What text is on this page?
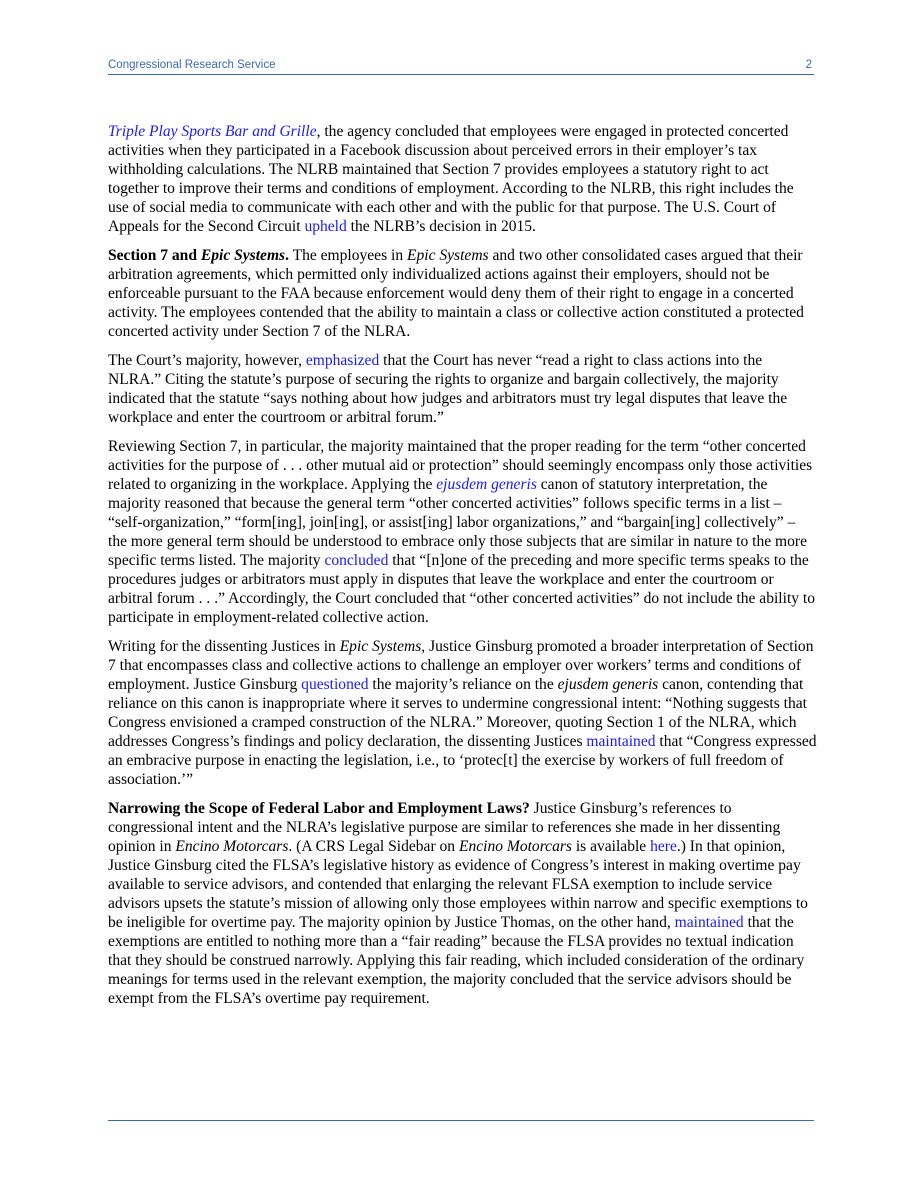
Congressional Research Service	2

Triple Play Sports Bar and Grille, the agency concluded that employees were engaged in protected concerted activities when they participated in a Facebook discussion about perceived errors in their employer’s tax withholding calculations. The NLRB maintained that Section 7 provides employees a statutory right to act together to improve their terms and conditions of employment. According to the NLRB, this right includes the use of social media to communicate with each other and with the public for that purpose. The U.S. Court of Appeals for the Second Circuit upheld the NLRB’s decision in 2015.

Section 7 and Epic Systems. The employees in Epic Systems and two other consolidated cases argued that their arbitration agreements, which permitted only individualized actions against their employers, should not be enforceable pursuant to the FAA because enforcement would deny them of their right to engage in a concerted activity. The employees contended that the ability to maintain a class or collective action constituted a protected concerted activity under Section 7 of the NLRA.

The Court’s majority, however, emphasized that the Court has never “read a right to class actions into the NLRA.” Citing the statute’s purpose of securing the rights to organize and bargain collectively, the majority indicated that the statute “says nothing about how judges and arbitrators must try legal disputes that leave the workplace and enter the courtroom or arbitral forum.”

Reviewing Section 7, in particular, the majority maintained that the proper reading for the term “other concerted activities for the purpose of . . . other mutual aid or protection” should seemingly encompass only those activities related to organizing in the workplace. Applying the ejusdem generis canon of statutory interpretation, the majority reasoned that because the general term “other concerted activities” follows specific terms in a list – “self-organization,” “form[ing], join[ing], or assist[ing] labor organizations,” and “bargain[ing] collectively” – the more general term should be understood to embrace only those subjects that are similar in nature to the more specific terms listed. The majority concluded that “[n]one of the preceding and more specific terms speaks to the procedures judges or arbitrators must apply in disputes that leave the workplace and enter the courtroom or arbitral forum . . .” Accordingly, the Court concluded that “other concerted activities” do not include the ability to participate in employment-related collective action.

Writing for the dissenting Justices in Epic Systems, Justice Ginsburg promoted a broader interpretation of Section 7 that encompasses class and collective actions to challenge an employer over workers’ terms and conditions of employment. Justice Ginsburg questioned the majority’s reliance on the ejusdem generis canon, contending that reliance on this canon is inappropriate where it serves to undermine congressional intent: “Nothing suggests that Congress envisioned a cramped construction of the NLRA.” Moreover, quoting Section 1 of the NLRA, which addresses Congress’s findings and policy declaration, the dissenting Justices maintained that “Congress expressed an embracive purpose in enacting the legislation, i.e., to ‘protec[t] the exercise by workers of full freedom of association.’”

Narrowing the Scope of Federal Labor and Employment Laws? Justice Ginsburg’s references to congressional intent and the NLRA’s legislative purpose are similar to references she made in her dissenting opinion in Encino Motorcars. (A CRS Legal Sidebar on Encino Motorcars is available here.) In that opinion, Justice Ginsburg cited the FLSA’s legislative history as evidence of Congress’s interest in making overtime pay available to service advisors, and contended that enlarging the relevant FLSA exemption to include service advisors upsets the statute’s mission of allowing only those employees within narrow and specific exemptions to be ineligible for overtime pay. The majority opinion by Justice Thomas, on the other hand, maintained that the exemptions are entitled to nothing more than a “fair reading” because the FLSA provides no textual indication that they should be construed narrowly. Applying this fair reading, which included consideration of the ordinary meanings for terms used in the relevant exemption, the majority concluded that the service advisors should be exempt from the FLSA’s overtime pay requirement.
